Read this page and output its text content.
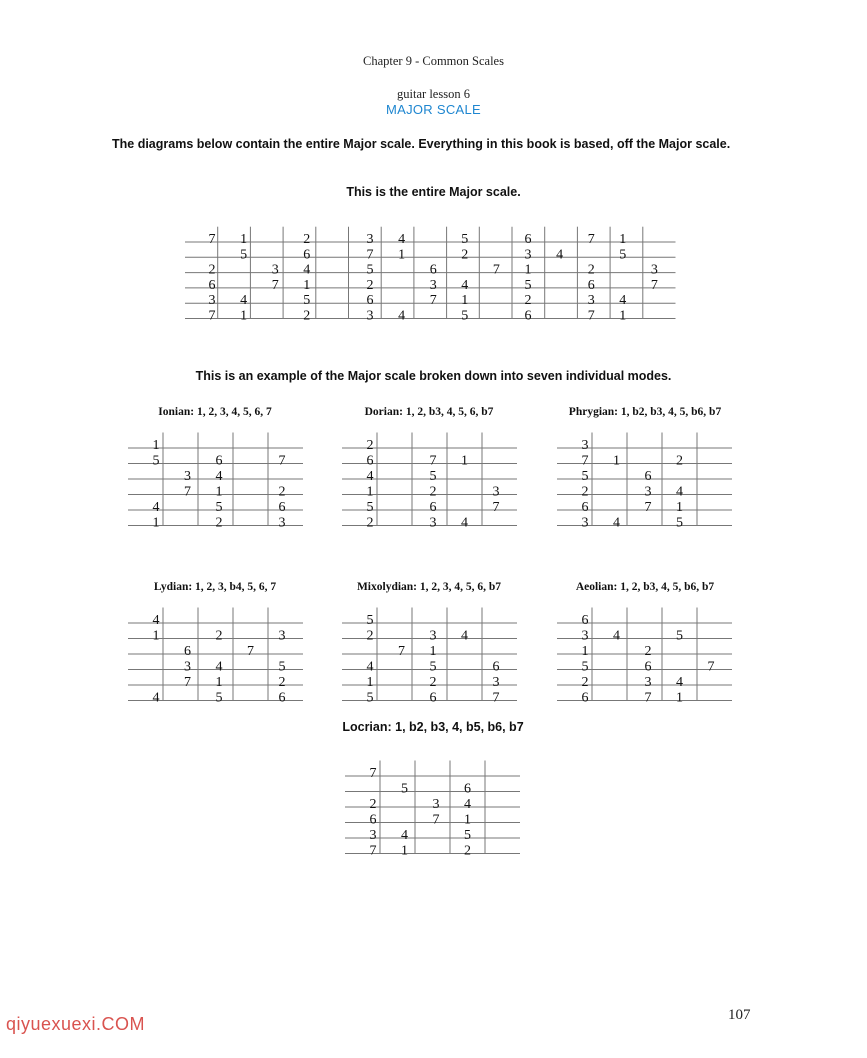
Chapter 9 - Common Scales
guitar lesson 6
MAJOR SCALE
The diagrams below contain the entire Major scale. Everything in this book is based, off the Major scale.
This is the entire Major scale.
7 1	2	3 4	5	6	7 1
5	6	7 1	2	3 4	5
2	3 4	5	6	7 1	2	3
6	7 1	2	3 4	5	6	7
3 4	5	6	7 1	2	3 4
7 1	2	3 4	5	6	7 1
This is an example of the Major scale broken down into seven individual modes.
Ionian: 1, 2, 3, 4, 5, 6, 7	Dorian: 1, 2, b3, 4, 5, 6, b7	Phrygian: 1, b2, b3, 4, 5, b6, b7
Lydian: 1, 2, 3, b4, 5, 6, 7	Mixolydian: 1, 2, 3, 4, 5, 6, b7	Aeolian: 1, 2, b3, 4, 5, b6, b7
Locrian: 1, b2, b3, 4, b5, b6, b7
1
5	6	7
3 4
7 1	2
4	5	6
1	2	3
2
6	7 1
4	5
1	2	3
5	6	7
2	3 4
3
7 1	2
5	6
2	3 4
6	7 1
3 4	5
4
1	2	3
6	7
3 4	5
7 1	2
4	5	6
5
2	3 4
7 1
4	5	6
1	2	3
5	6	7
6
3 4	5
1	2
5	6	7
2	3 4
6	7 1
7
5	6
2	3 4
6	7 1
3 4	5
7 1	2
107
qiyuexuexi.COM
